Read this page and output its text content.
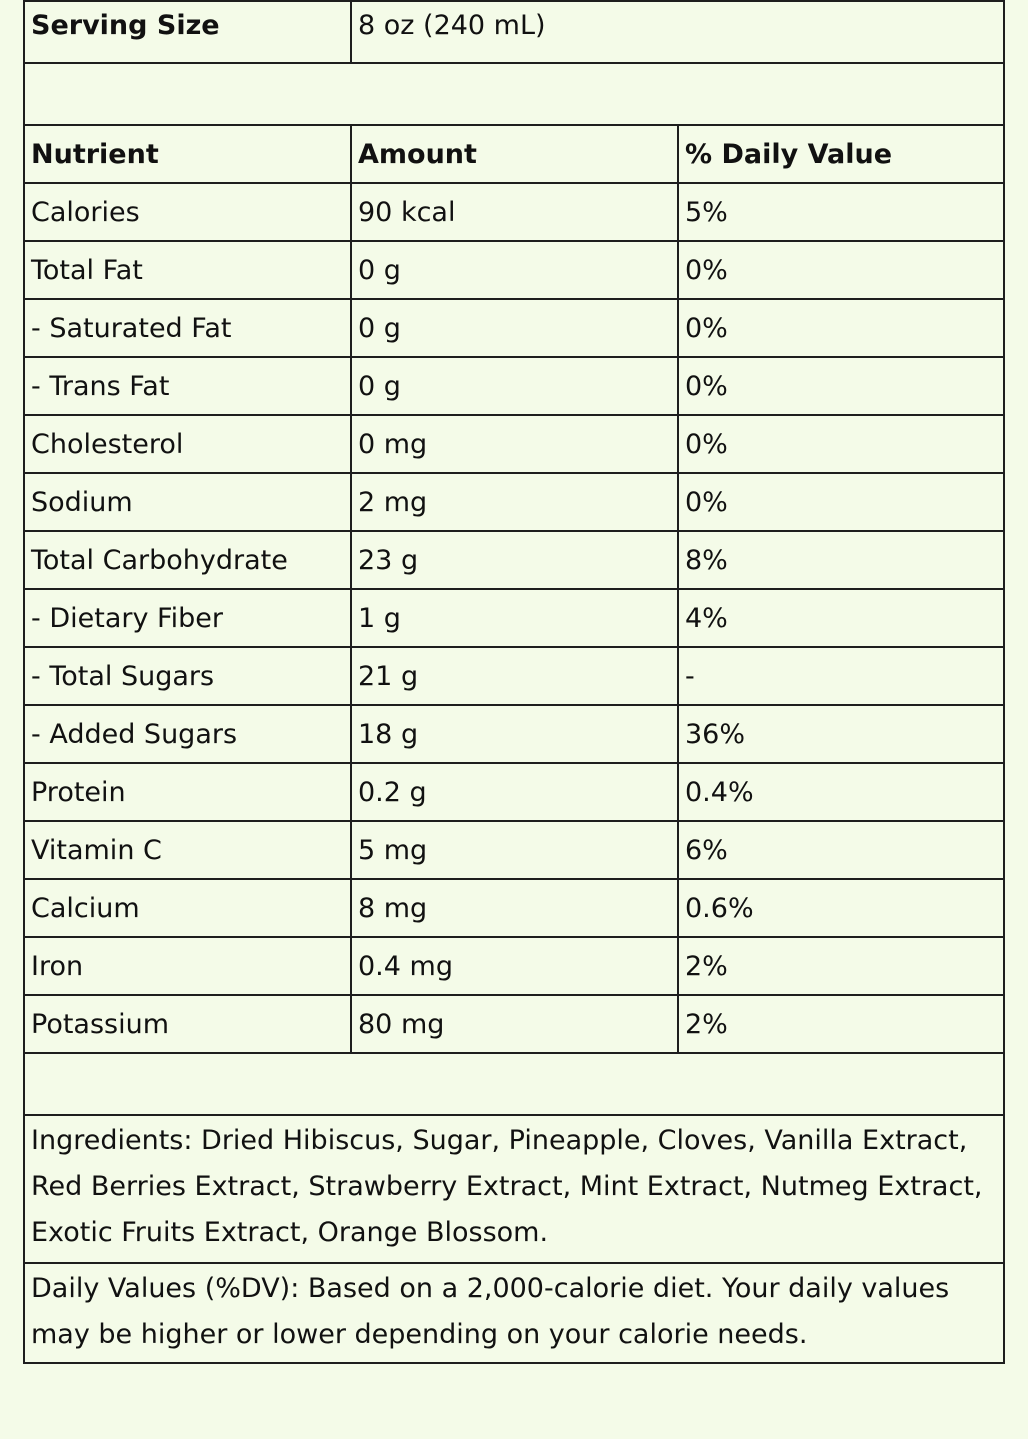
Serving Size	8 oz (240 mL)	

Nutrient	Amount	% Daily Value
Calories	90 kcal	5%
Total Fat	0 g	0%
- Saturated Fat	0 g	0%
- Trans Fat	0 g	0%
Cholesterol	0 mg	0%
Sodium	2 mg	0%
Total Carbohydrate	23 g	8%
- Dietary Fiber	1 g	4%
- Total Sugars	21 g	-
- Added Sugars	18 g	36%
Protein	0.2 g	0.4%
Vitamin C	5 mg	6%
Calcium	8 mg	0.6%
Iron	0.4 mg	2%
Potassium	80 mg	2%

Ingredients: Dried Hibiscus, Sugar, Pineapple, Cloves, Vanilla Extract, Red Berries Extract, Strawberry Extract, Mint Extract, Nutmeg Extract, Exotic Fruits Extract, Orange Blossom.		
Daily Values (%DV): Based on a 2,000-calorie diet. Your daily values may be higher or lower depending on your calorie needs.		
